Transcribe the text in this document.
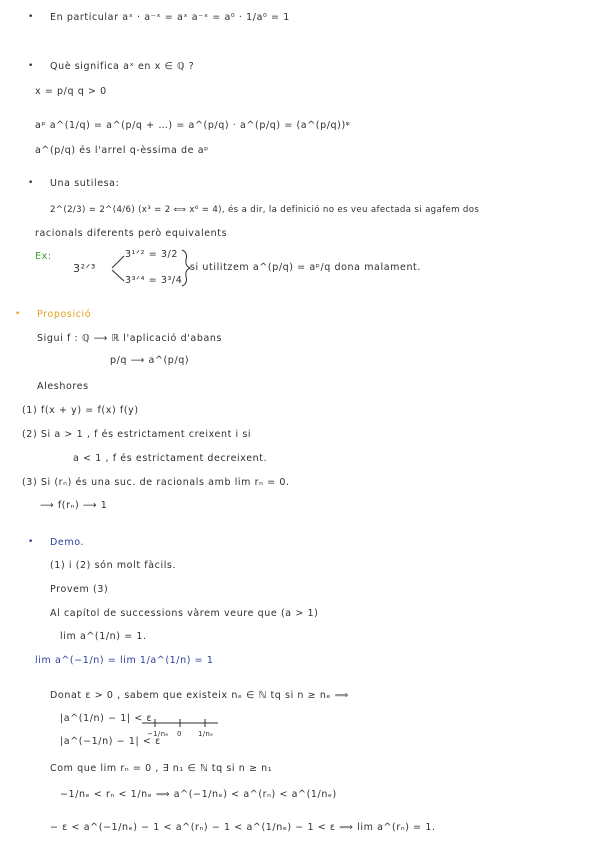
•
•
•
•
•
En particular aˣ · a⁻ˣ = aˣ a⁻ˣ = a⁰ · 1/a⁰ = 1
Què significa aˣ en x ∈ ℚ ?
x = p/q q > 0
aᵖ a^(1/q) = a^(p/q + …) = a^(p/q) · a^(p/q) = (a^(p/q))ᵠ
a^(p/q) és l'arrel q-èssima de aᵖ
Una sutilesa:
2^(2/3) = 2^(4/6) (x³ = 2 ⟺ x⁶ = 4), és a dir, la definició no es veu afectada si agafem dos
racionals diferents però equivalents
Ex:
3²ᐟ³
3¹ᐟ² = 3/2
3³ᐟ⁴ = 3³/4
si utilitzem a^(p/q) = aᵖ/q dona malament.
Proposició
Sigui f : ℚ ⟶ ℝ l'aplicació d'abans
p/q ⟶ a^(p/q)
Aleshores
(1) f(x + y) = f(x) f(y)
(2) Si a > 1 , f és estrictament creixent i si
a < 1 , f és estrictament decreixent.
(3) Si (rₙ) és una suc. de racionals amb lim rₙ = 0.
⟶ f(rₙ) ⟶ 1
Demo.
(1) i (2) són molt fàcils.
Provem (3)
Al capítol de successions vàrem veure que (a > 1)
lim a^(1/n) = 1.
lim a^(−1/n) = lim 1/a^(1/n) = 1
Donat ε > 0 , sabem que existeix nₑ ∈ ℕ tq si n ≥ nₑ ⟹
|a^(1/n) − 1| < ε
|a^(−1/n) − 1| < ε
−1/nₑ 0 1/nₑ
Com que lim rₙ = 0 , ∃ n₁ ∈ ℕ tq si n ≥ n₁
−1/nₑ < rₙ < 1/nₑ ⟹ a^(−1/nₑ) < a^(rₙ) < a^(1/nₑ)
− ε < a^(−1/nₑ) − 1 < a^(rₙ) − 1 < a^(1/nₑ) − 1 < ε ⟹ lim a^(rₙ) = 1.
